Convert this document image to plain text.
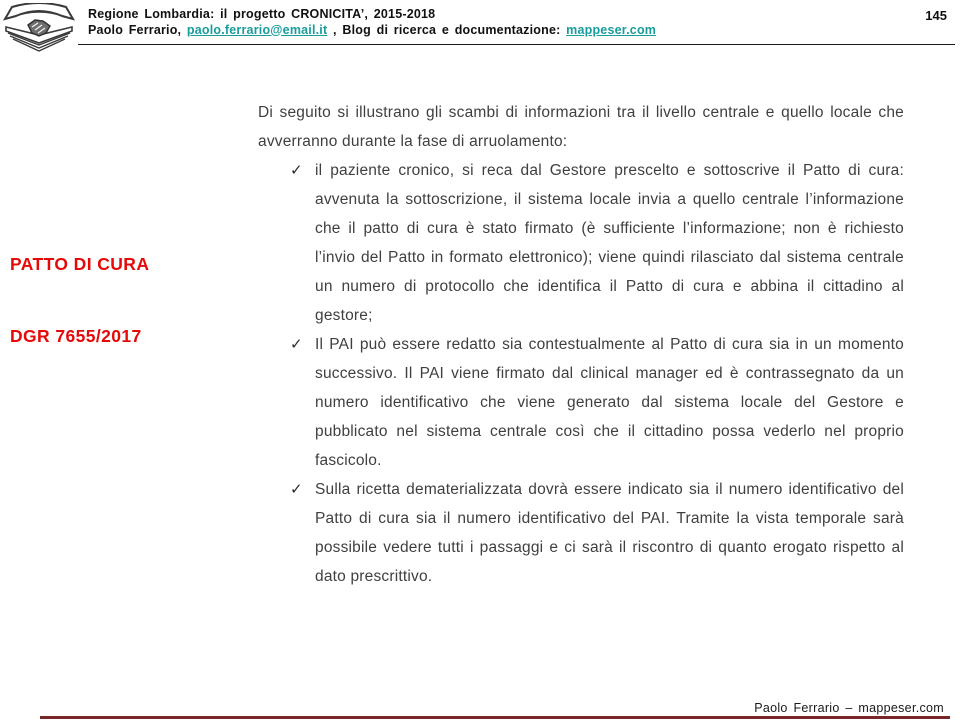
Regione Lombardia: il progetto CRONICITA’, 2015-2018
Paolo Ferrario, paolo.ferrario@email.it , Blog di ricerca e documentazione: mappeser.com
145
PATTO DI CURA
DGR 7655/2017

Di seguito si illustrano gli scambi di informazioni tra il livello centrale e quello locale che avverranno durante la fase di arruolamento:

✓ il paziente cronico, si reca dal Gestore prescelto e sottoscrive il Patto di cura: avvenuta la sottoscrizione, il sistema locale invia a quello centrale l’informazione che il patto di cura è stato firmato (è sufficiente l’informazione; non è richiesto l’invio del Patto in formato elettronico); viene quindi rilasciato dal sistema centrale un numero di protocollo che identifica il Patto di cura e abbina il cittadino al gestore;
✓ Il PAI può essere redatto sia contestualmente al Patto di cura sia in un momento successivo. Il PAI viene firmato dal clinical manager ed è contrassegnato da un numero identificativo che viene generato dal sistema locale del Gestore e pubblicato nel sistema centrale così che il cittadino possa vederlo nel proprio fascicolo.
✓ Sulla ricetta dematerializzata dovrà essere indicato sia il numero identificativo del Patto di cura sia il numero identificativo del PAI. Tramite la vista temporale sarà possibile vedere tutti i passaggi e ci sarà il riscontro di quanto erogato rispetto al dato prescrittivo.
Paolo Ferrario – mappeser.com
